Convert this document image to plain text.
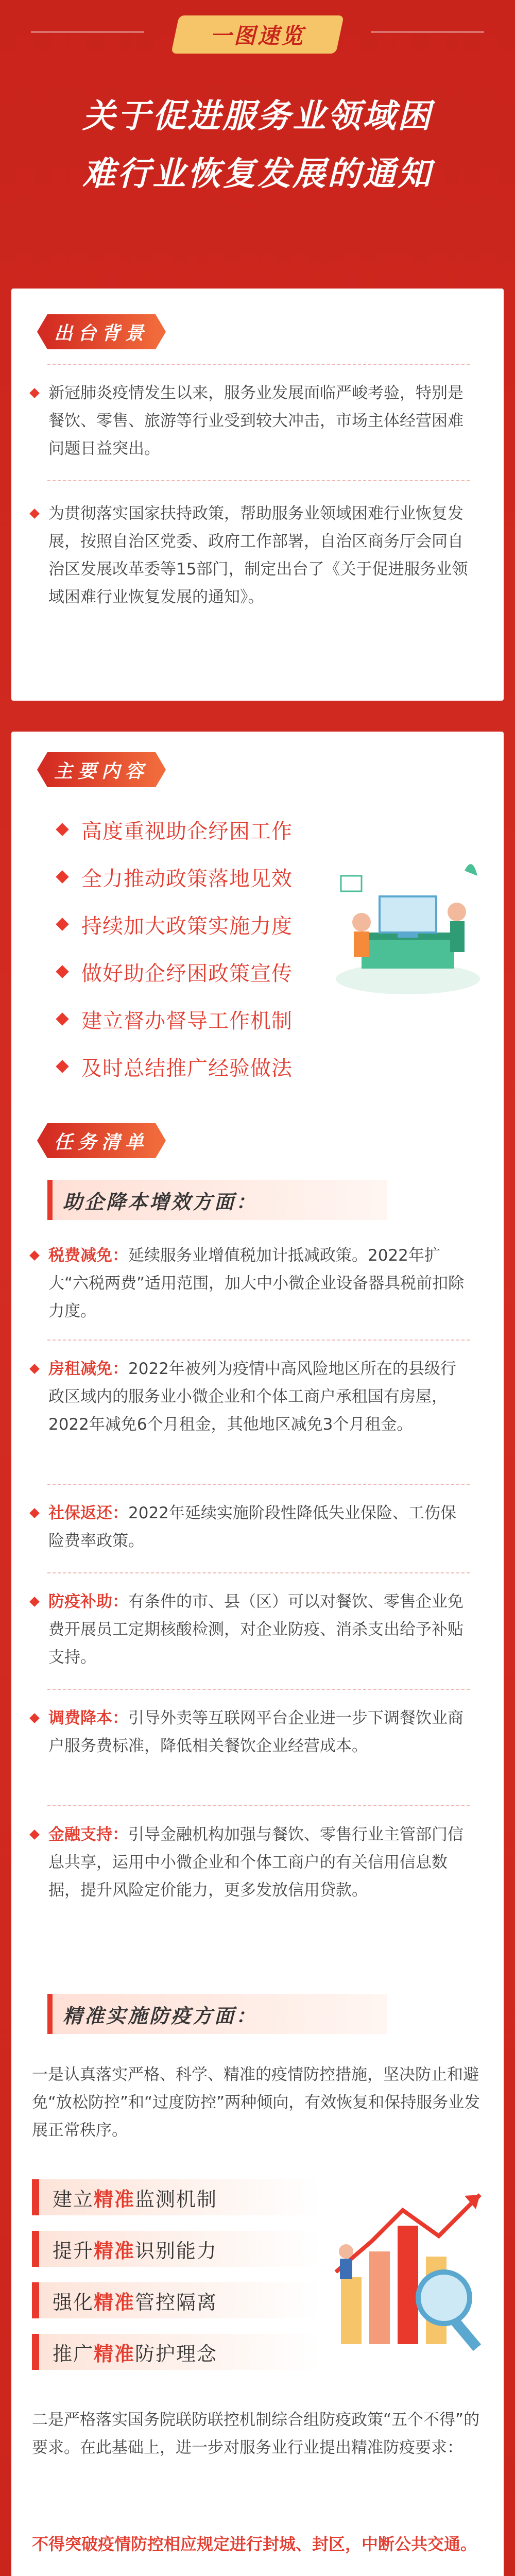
一图速览
关于促进服务业领域困
难行业恢复发展的通知
出台背景
新冠肺炎疫情发生以来，服务业发展面临严峻考验，特别是餐饮、零售、旅游等行业受到较大冲击，市场主体经营困难问题日益突出。
为贯彻落实国家扶持政策，帮助服务业领域困难行业恢复发展，按照自治区党委、政府工作部署，自治区商务厅会同自治区发展改革委等15部门，制定出台了《关于促进服务业领域困难行业恢复发展的通知》。
主要内容
高度重视助企纾困工作
全力推动政策落地见效
持续加大政策实施力度
做好助企纾困政策宣传
建立督办督导工作机制
及时总结推广经验做法
任务清单
助企降本增效方面：
税费减免：延续服务业增值税加计抵减政策。2022年扩大“六税两费”适用范围，加大中小微企业设备器具税前扣除力度。
房租减免：2022年被列为疫情中高风险地区所在的县级行政区域内的服务业小微企业和个体工商户承租国有房屋，2022年减免6个月租金，其他地区减免3个月租金。
社保返还：2022年延续实施阶段性降低失业保险、工伤保险费率政策。
防疫补助：有条件的市、县（区）可以对餐饮、零售企业免费开展员工定期核酸检测，对企业防疫、消杀支出给予补贴支持。
调费降本：引导外卖等互联网平台企业进一步下调餐饮业商户服务费标准，降低相关餐饮企业经营成本。
金融支持：引导金融机构加强与餐饮、零售行业主管部门信息共享，运用中小微企业和个体工商户的有关信用信息数据，提升风险定价能力，更多发放信用贷款。
精准实施防疫方面：
一是认真落实严格、科学、精准的疫情防控措施，坚决防止和避免“放松防控”和“过度防控”两种倾向，有效恢复和保持服务业发展正常秩序。
建立 精准 监测机制
提升 精准 识别能力
强化 精准 管控隔离
推广 精准 防护理念
二是严格落实国务院联防联控机制综合组防疫政策“五个不得”的要求。在此基础上，进一步对服务业行业提出精准防疫要求：
不得突破疫情防控相应规定进行封城、封区，中断公共交通。
